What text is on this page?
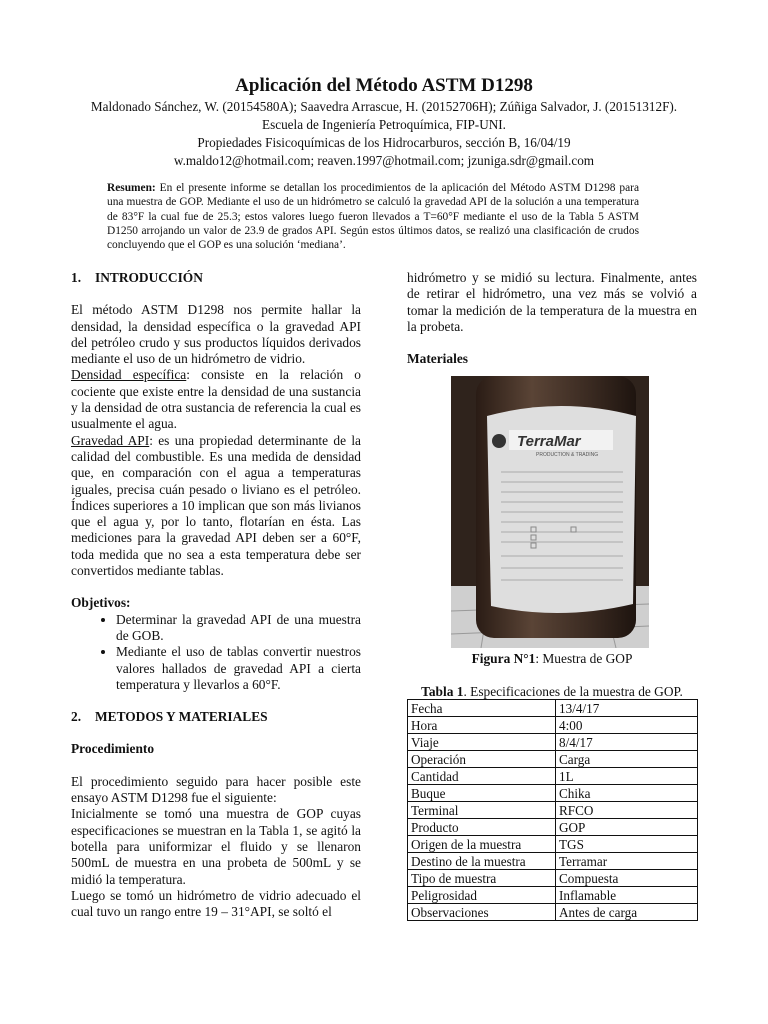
Aplicación del Método ASTM D1298
Maldonado Sánchez, W. (20154580A); Saavedra Arrascue, H. (20152706H); Zúñiga Salvador, J. (20151312F).
Escuela de Ingeniería Petroquímica, FIP-UNI.
Propiedades Fisicoquímicas de los Hidrocarburos, sección B, 16/04/19
w.maldo12@hotmail.com; reaven.1997@hotmail.com; jzuniga.sdr@gmail.com
Resumen: En el presente informe se detallan los procedimientos de la aplicación del Método ASTM D1298 para una muestra de GOP. Mediante el uso de un hidrómetro se calculó la gravedad API de la solución a una temperatura de 83°F la cual fue de 25.3; estos valores luego fueron llevados a T=60°F mediante el uso de la Tabla 5 ASTM D1250 arrojando un valor de 23.9 de grados API. Según estos últimos datos, se realizó una clasificación de crudos concluyendo que el GOP es una solución ‘mediana’.

1. INTRODUCCIÓN

El método ASTM D1298 nos permite hallar la densidad, la densidad específica o la gravedad API del petróleo crudo y sus productos líquidos derivados mediante el uso de un hidrómetro de vidrio.

Densidad específica: consiste en la relación o cociente que existe entre la densidad de una sustancia y la densidad de otra sustancia de referencia la cual es usualmente el agua.

Gravedad API: es una propiedad determinante de la calidad del combustible. Es una medida de densidad que, en comparación con el agua a temperaturas iguales, precisa cuán pesado o liviano es el petróleo. Índices superiores a 10 implican que son más livianos que el agua y, por lo tanto, flotarían en ésta. Las mediciones para la gravedad API deben ser a 60°F, toda medida que no sea a esta temperatura debe ser convertidos mediante tablas.

Objetivos:

• Determinar la gravedad API de una muestra de GOB.
• Mediante el uso de tablas convertir nuestros valores hallados de gravedad API a cierta temperatura y llevarlos a 60°F.

2. METODOS Y MATERIALES

Procedimiento

El procedimiento seguido para hacer posible este ensayo ASTM D1298 fue el siguiente:

Inicialmente se tomó una muestra de GOP cuyas especificaciones se muestran en la Tabla 1, se agitó la botella para uniformizar el fluido y se llenaron 500mL de muestra en una probeta de 500mL y se midió la temperatura.

Luego se tomó un hidrómetro de vidrio adecuado el cual tuvo un rango entre 19 – 31°API, se soltó el

hidrómetro y se midió su lectura. Finalmente, antes de retirar el hidrómetro, una vez más se volvió a tomar la medición de la temperatura de la muestra en la probeta.

Materiales

TerraMar
PRODUCTION & TRADING
Figura N°1: Muestra de GOP
Tabla 1. Especificaciones de la muestra de GOP.
Fecha	13/4/17
Hora	4:00
Viaje	8/4/17
Operación	Carga
Cantidad	1L
Buque	Chika
Terminal	RFCO
Producto	GOP
Origen de la muestra	TGS
Destino de la muestra	Terramar
Tipo de muestra	Compuesta
Peligrosidad	Inflamable
Observaciones	Antes de carga
